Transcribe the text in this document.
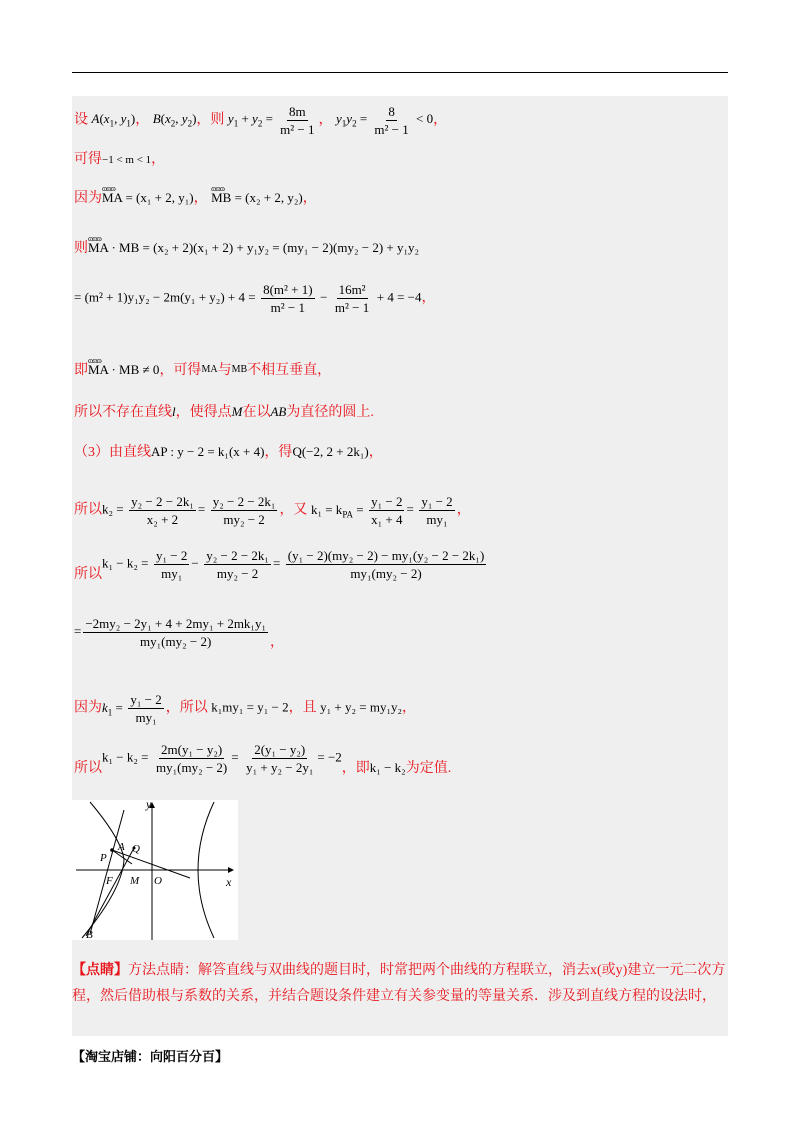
设 $A(x_1$, $y_1$)， $B(x_2$, $y_2$)，则 $y_1 + y_2 = \frac{8m}{\text{m² − 1}}$ ， $y_1y_2 = \frac{8}{\text{m² − 1}} < 0$，
可得−1 < m < 1，
因为ɷɷɷ MA = (x₁ + 2, y₁)， ɷɷɷ MB = (x₂ + 2, y₂)，
则ɷɷɷ MA · MB = (x₂ + 2)(x₁ + 2) + y₁y₂ = (my₁ − 2)(my₂ − 2) + y₁y₂
= $(m^2 + 1)y_1y_2 - 2m(y_1 + y_2) + 4 = \frac{\text{8(m² + 1)}}{\text{m² − 1}} - \frac{\text{16m²}}{\text{m² − 1}} + 4 = -4$，
即ɷɷɷ MA · MB ≠ 0，可得$^{MA}$与$^{MB}$不相互垂直，
所以不存在直线l，使得点M在以AB为直径的圆上.
（3）由直线AP : y − 2 = k₁(x + 4)，得Q(−2, 2 + 2k₁)，
所以$k_2 = \frac{\text{y₂ − 2 − 2k₁}}{\text{x₂ + 2}} = \frac{\text{y₂ − 2 − 2k₁}}{\text{my₂ − 2}}$ ，又 $k_1 = k_{PA} = \frac{\text{y₁ − 2}}{\text{x₁ + 4}} = \frac{\text{y₁ − 2}}{\text{my₁}}$ ，
所以$k_1 - k_2 = \frac{\text{y₁ − 2}}{\text{my₁}} - \frac{\text{y₂ − 2 − 2k₁}}{\text{my₂ − 2}} = \frac{\text{(y₁ − 2)(my₂ − 2) − my₁(y₂ − 2 − 2k₁)}}{\text{my₁(my₂ − 2)}}$
= $\frac{\text{−2my₂ − 2y₁ + 4 + 2my₁ + 2mk₁y₁}}{\text{my₁(my₂ − 2)}}$ ，
因为$k_1 = \frac{\text{y₁ − 2}}{\text{my₁}}$ ，所以 k₁my₁ = y₁ − 2，且 y₁ + y₂ = my₁y₂，
所以$k_1 - k_2 = \frac{\text{2m(y₁ − y₂)}}{\text{my₁(my₂ − 2)}} = \frac{\text{2(y₁ − y₂)}}{\text{y₁ + y₂ − 2y₁}} = -2$，即k₁ − k₂为定值.
y
x
A Q
P
F M O
B
【点睛】方法点睛：解答直线与双曲线的题目时，时常把两个曲线的方程联立，消去x(或y)建立一元二次方程，然后借助根与系数的关系，并结合题设条件建立有关参变量的等量关系．涉及到直线方程的设法时，
【淘宝店铺：向阳百分百】
